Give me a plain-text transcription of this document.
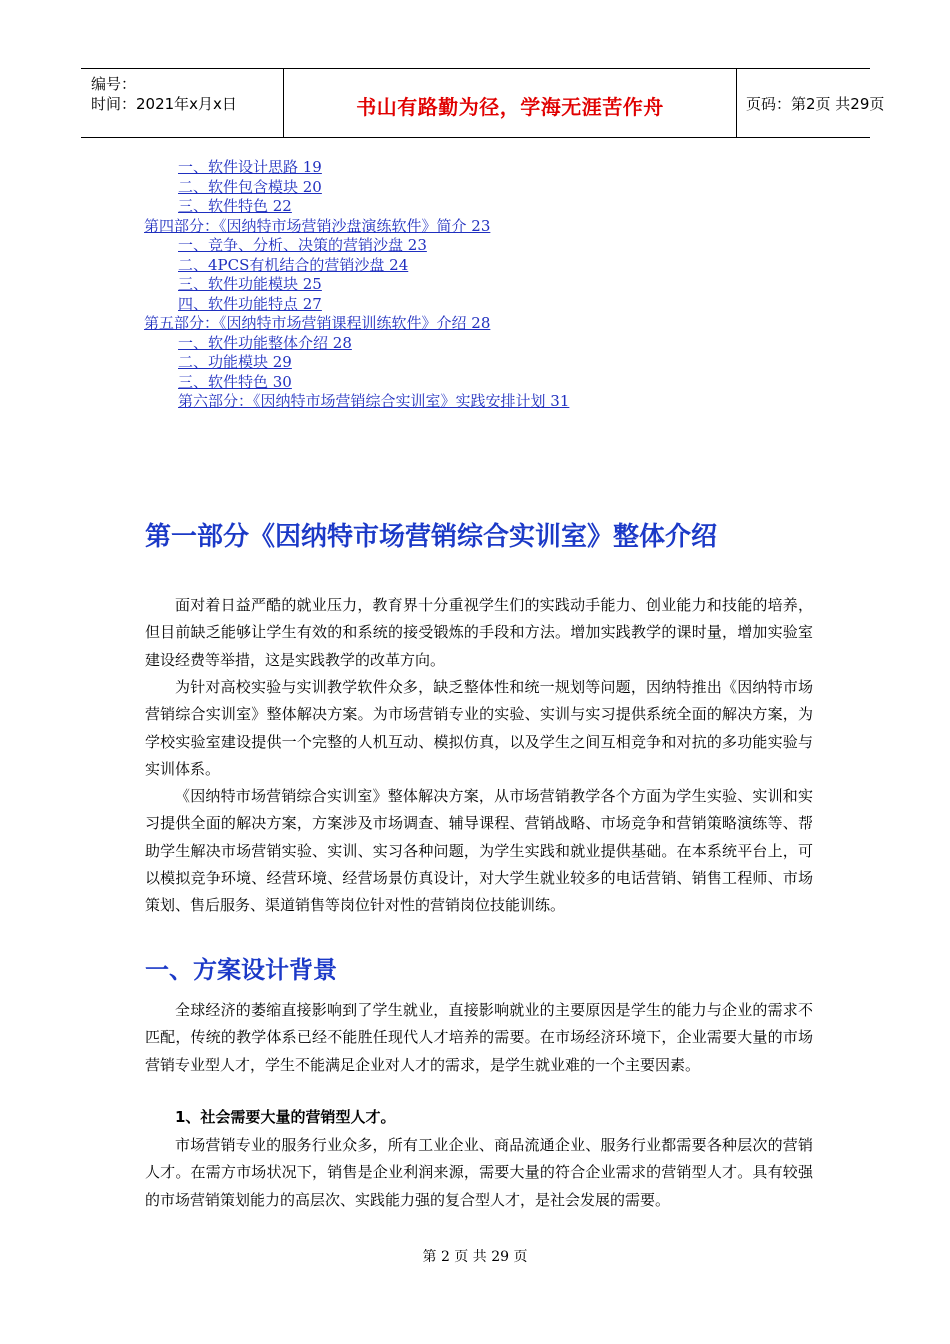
编号：
时间：2021年x月x日	书山有路勤为径，学海无涯苦作舟	页码：第2页 共29页
一、软件设计思路 19
二、软件包含模块 20
三、软件特色 22
第四部分：《因纳特市场营销沙盘演练软件》简介 23
一、竞争、分析、决策的营销沙盘 23
二、4PCS有机结合的营销沙盘 24
三、软件功能模块 25
四、软件功能特点 27
第五部分：《因纳特市场营销课程训练软件》介绍 28
一、软件功能整体介绍 28
二、功能模块 29
三、软件特色 30
第六部分：《因纳特市场营销综合实训室》实践安排计划 31
第一部分《因纳特市场营销综合实训室》整体介绍
面对着日益严酷的就业压力，教育界十分重视学生们的实践动手能力、创业能力和技能的培养，但目前缺乏能够让学生有效的和系统的接受锻炼的手段和方法。增加实践教学的课时量，增加实验室建设经费等举措，这是实践教学的改革方向。
为针对高校实验与实训教学软件众多，缺乏整体性和统一规划等问题，因纳特推出《因纳特市场营销综合实训室》整体解决方案。为市场营销专业的实验、实训与实习提供系统全面的解决方案，为学校实验室建设提供一个完整的人机互动、模拟仿真，以及学生之间互相竞争和对抗的多功能实验与实训体系。
《因纳特市场营销综合实训室》整体解决方案，从市场营销教学各个方面为学生实验、实训和实习提供全面的解决方案，方案涉及市场调查、辅导课程、营销战略、市场竞争和营销策略演练等、帮助学生解决市场营销实验、实训、实习各种问题，为学生实践和就业提供基础。在本系统平台上，可以模拟竞争环境、经营环境、经营场景仿真设计，对大学生就业较多的电话营销、销售工程师、市场策划、售后服务、渠道销售等岗位针对性的营销岗位技能训练。
一、方案设计背景
全球经济的萎缩直接影响到了学生就业，直接影响就业的主要原因是学生的能力与企业的需求不匹配，传统的教学体系已经不能胜任现代人才培养的需要。在市场经济环境下，企业需要大量的市场营销专业型人才，学生不能满足企业对人才的需求，是学生就业难的一个主要因素。
1、社会需要大量的营销型人才。
市场营销专业的服务行业众多，所有工业企业、商品流通企业、服务行业都需要各种层次的营销人才。在需方市场状况下，销售是企业利润来源，需要大量的符合企业需求的营销型人才。具有较强的市场营销策划能力的高层次、实践能力强的复合型人才，是社会发展的需要。
第 2 页 共 29 页
